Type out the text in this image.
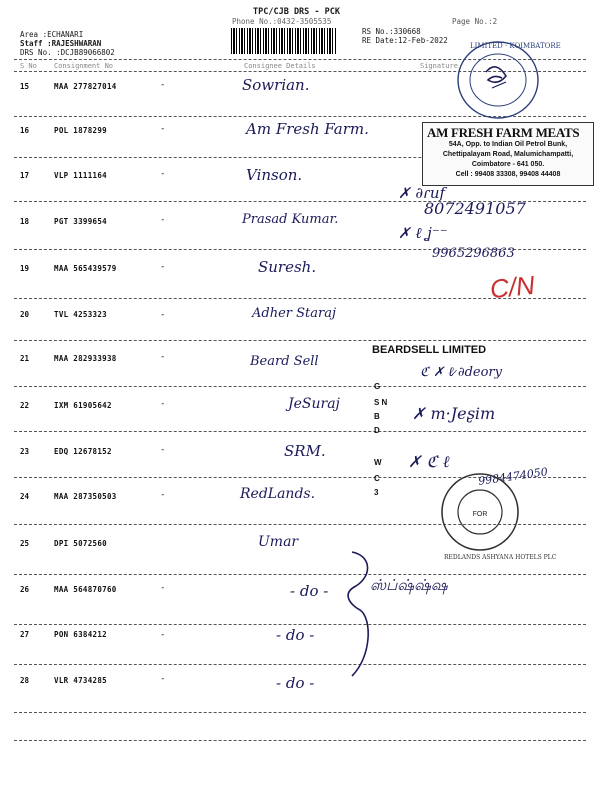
TPC/CJB DRS - PCK
Phone No.:0432-3505535
Area :ECHANARI
Staff :RAJESHWARAN
DRS No. :DCJB89066802
RS No.:330668
RE Date:12-Feb-2022
Page No.:2
S No Consignment No	Consignee Details	Signature
15	MAA 277827014	-	Sowrian.
16	POL 1878299	-	Am Fresh Farm.
17	VLP 1111164	-	Vinson.
18	PGT 3399654	-	Prasad Kumar.
19	MAA 565439579	-	Suresh.
20	TVL 4253323	-	Adher Staraj
21	MAA 282933938	-	Beard Sell
22	IXM 61905642	-	JeSuraj
23	EDQ 12678152	-	SRM.
24	MAA 287350503	-	RedLands.
25	DPI 5072560	Umar
26	MAA 564870760	-	- do -
27	PON 6384212	-	- do -
28	VLR 4734285	-	- do -
LIMITED · KOIMBATORE
AM FRESH FARM MEATS
54A, Opp. to Indian Oil Petrol Bunk,
Chettipalayam Road, Malumichampatti,
Coimbatore - 641 050.
Cell : 99408 33308, 99408 44408
✗ ∂ɾuf
8072491057
✗ ℓ ʝ⁻⁻
9965296863
C/N
BEARDSELL LIMITED
S N
G
B
D
W
C
3
ℭ ✗ ℓ̷ ∂deory
✗ m·Jeʂim
✗ ℭ ℓ
9984474050
FOR
REDLANDS ASHYANA HOTELS PLC
ஸ்ப்ஷ்ஷ்ஷ
